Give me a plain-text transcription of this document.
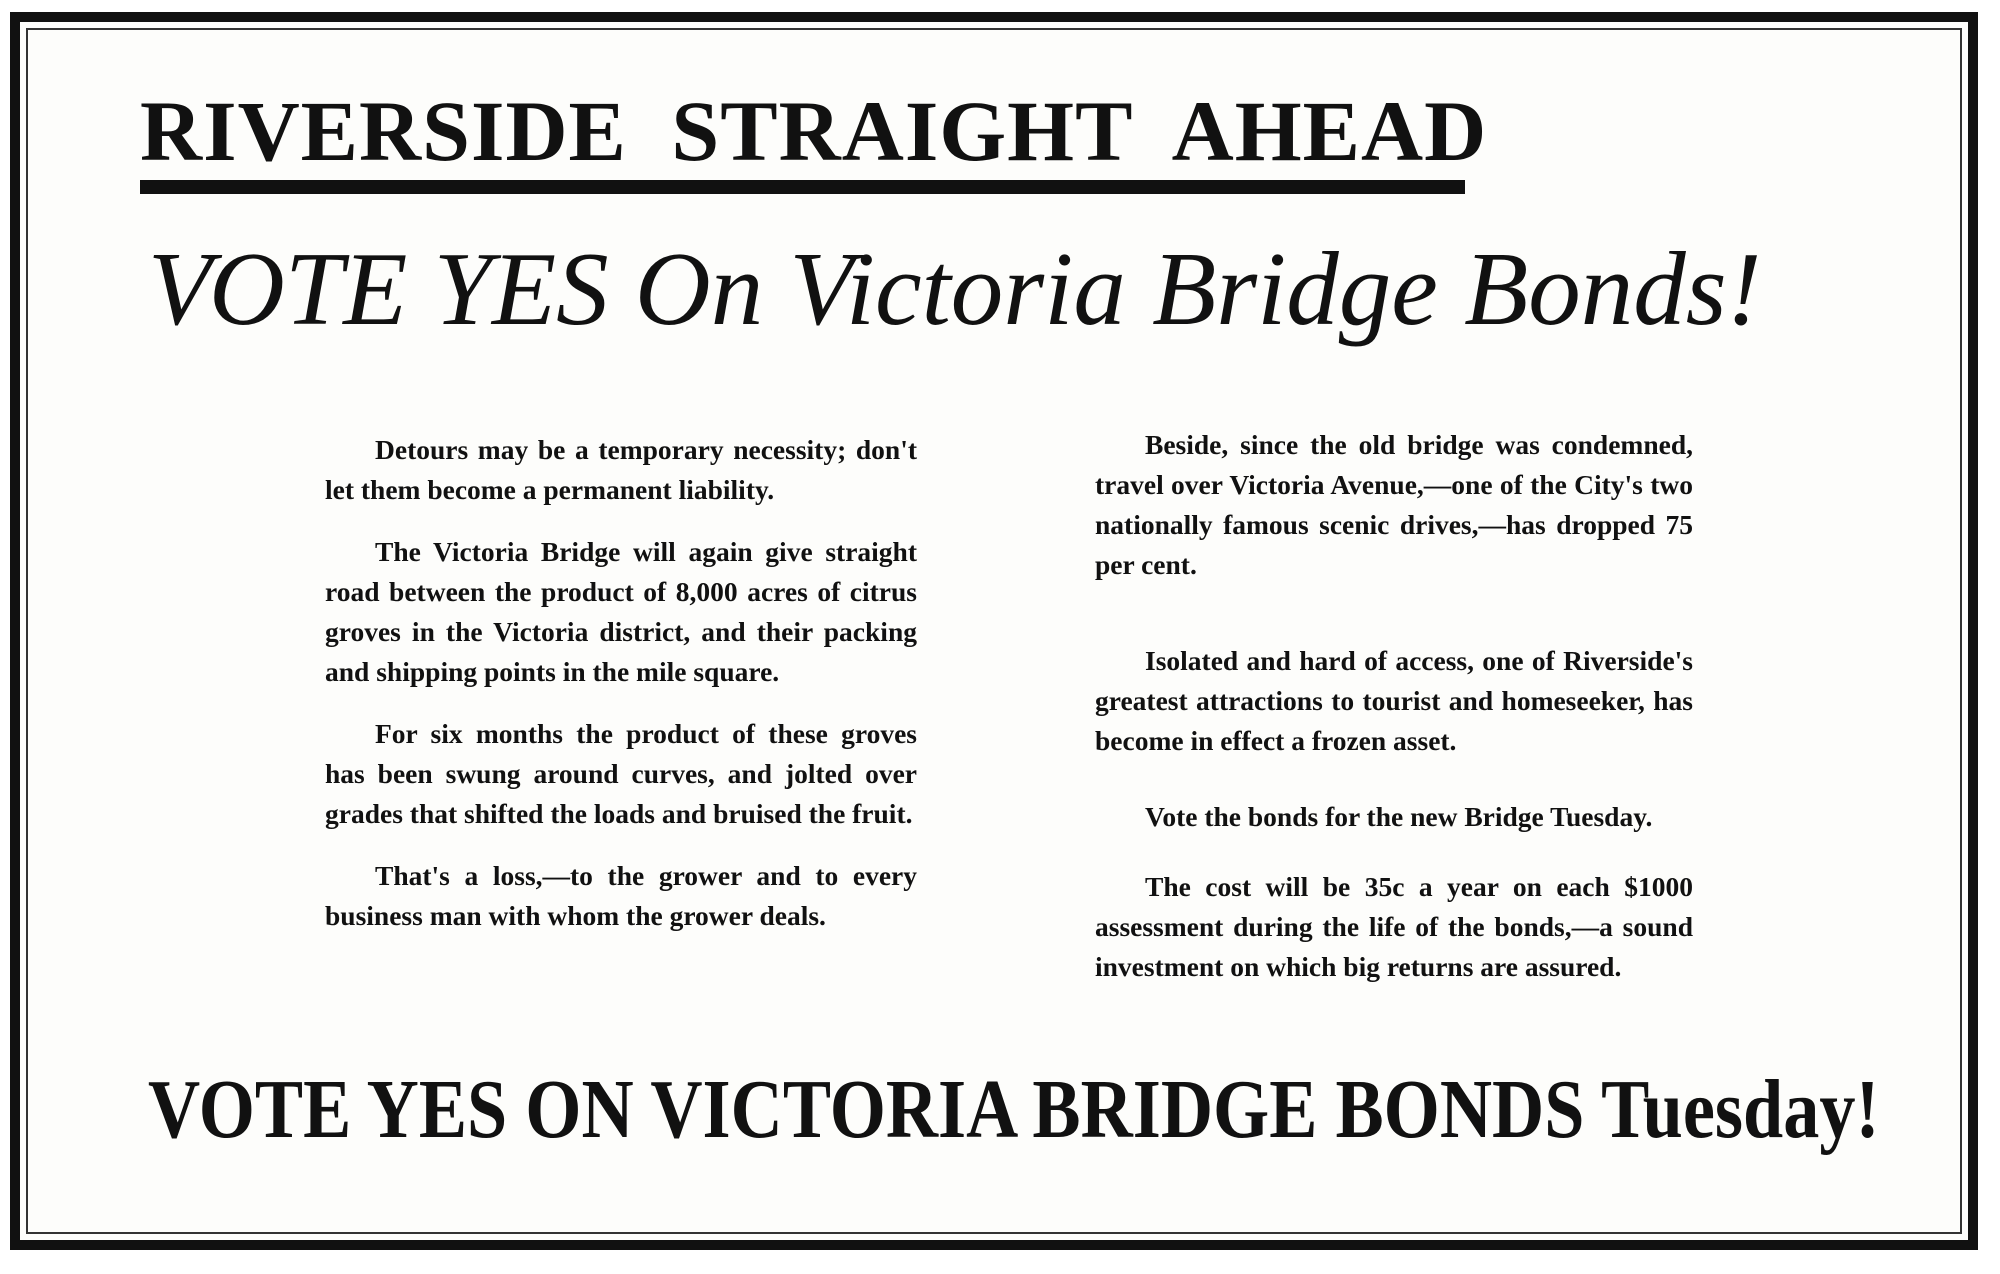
RIVERSIDE STRAIGHT AHEAD
VOTE YES On Victoria Bridge Bonds!

Detours may be a temporary necessity; don't let them become a permanent liability.

The Victoria Bridge will again give straight road between the product of 8,000 acres of citrus groves in the Victoria district, and their packing and shipping points in the mile square.

For six months the product of these groves has been swung around curves, and jolted over grades that shifted the loads and bruised the fruit.

That's a loss,—to the grower and to every business man with whom the grower deals.

Beside, since the old bridge was condemned, travel over Victoria Avenue,—one of the City's two nationally famous scenic drives,—has dropped 75 per cent.

Isolated and hard of access, one of Riverside's greatest attractions to tourist and homeseeker, has become in effect a frozen asset.

Vote the bonds for the new Bridge Tuesday.

The cost will be 35c a year on each $1000 assessment during the life of the bonds,—a sound investment on which big returns are assured.

VOTE YES ON VICTORIA BRIDGE BONDS Tuesday!
